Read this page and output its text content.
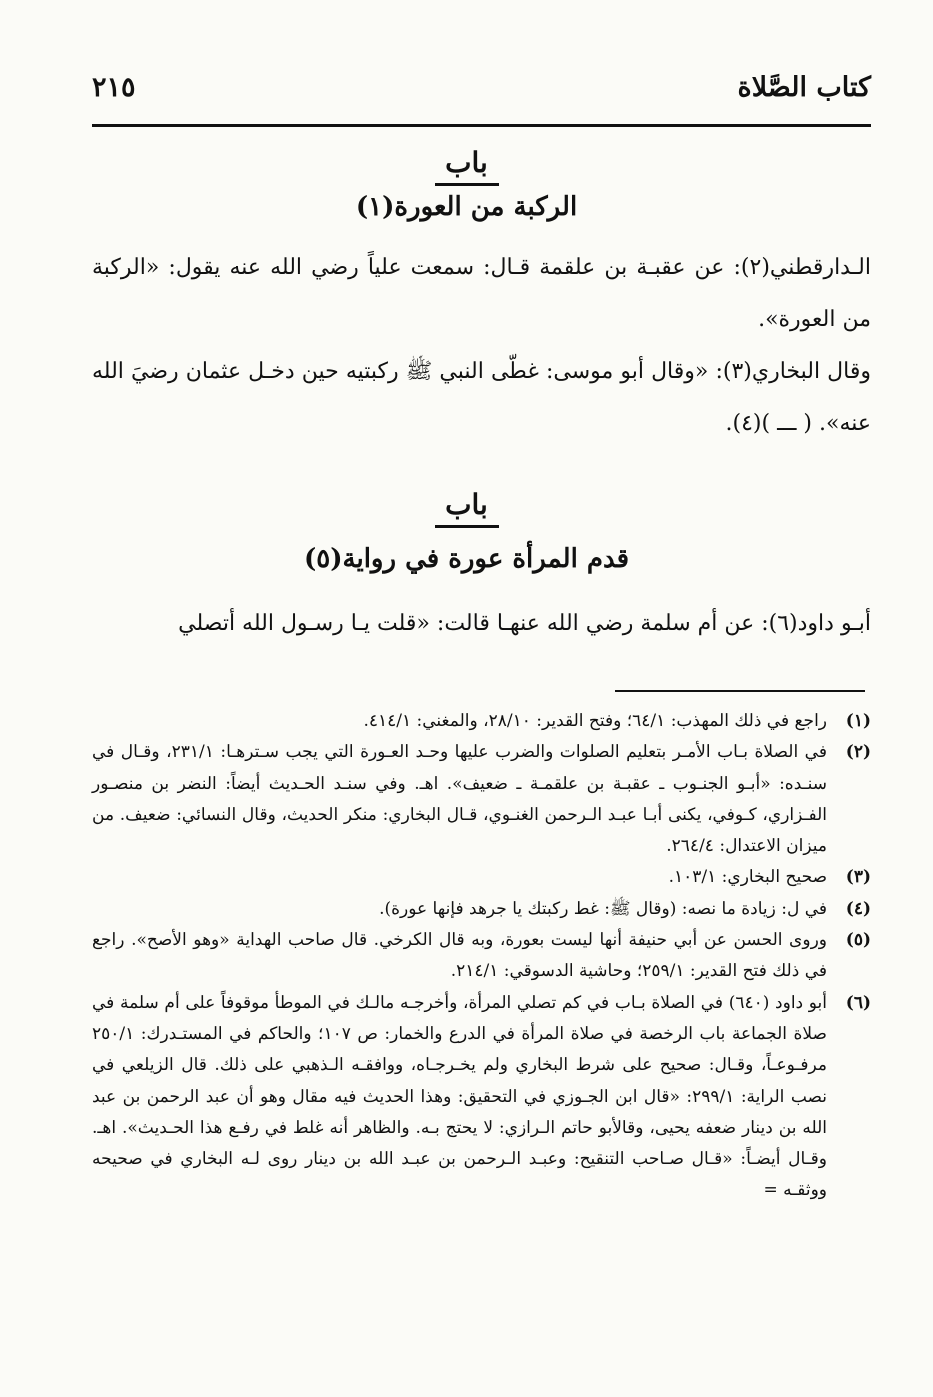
كتاب الصَّلاة
٢١٥
باب
الركبة من العورة(١)
الـدارقطني(٢): عن عقبـة بن علقمة قـال: سمعت علياً رضي الله عنه يقول: «الركبة من العورة».
وقال البخاري(٣): «وقال أبو موسى: غطّى النبي ﷺ ركبتيه حين دخـل عثمان رضيَ الله عنه». ( ـــ )(٤).
باب
قدم المرأة عورة في رواية(٥)
أبـو داود(٦): عن أم سلمة رضي الله عنهـا قالت: «قلت يـا رسـول الله أتصلي
(١)
راجع في ذلك المهذب: ٦٤/١؛ وفتح القدير: ٢٨/١٠، والمغني: ٤١٤/١.
(٢)
في الصلاة بـاب الأمـر بتعليم الصلوات والضرب عليها وحـد العـورة التي يجب سـترهـا: ٢٣١/١، وقـال في سنـده: «أبـو الجنـوب ـ عقبـة بن علقمـة ـ ضعيف». اهـ. وفي سنـد الحـديث أيضاً: النضر بن منصـور الفـزاري، كـوفي، يكنى أبـا عبـد الـرحمن الغنـوي، قـال البخاري: منكر الحديث، وقال النسائي: ضعيف. من ميزان الاعتدال: ٢٦٤/٤.
(٣)
صحيح البخاري: ١٠٣/١.
(٤)
في ل: زيادة ما نصه: (وقال ﷺ: غط ركبتك يا جرهد فإنها عورة).
(٥)
وروى الحسن عن أبي حنيفة أنها ليست بعورة، وبه قال الكرخي. قال صاحب الهداية «وهو الأصح». راجع في ذلك فتح القدير: ٢٥٩/١؛ وحاشية الدسوقي: ٢١٤/١.
(٦)
أبو داود (٦٤٠) في الصلاة بـاب في كم تصلي المرأة، وأخرجـه مالـك في الموطأ موقوفاً على أم سلمة في صلاة الجماعة باب الرخصة في صلاة المرأة في الدرع والخمار: ص ١٠٧؛ والحاكم في المستـدرك: ٢٥٠/١ مرفـوعـاً، وقـال: صحيح على شرط البخاري ولم يخـرجـاه، ووافقـه الـذهبي على ذلك. قال الزيلعي في نصب الراية: ٢٩٩/١: «قال ابن الجـوزي في التحقيق: وهذا الحديث فيه مقال وهو أن عبد الرحمن بن عبد الله بن دينار ضعفه يحيى، وقالأبو حاتم الـرازي: لا يحتج بـه. والظاهر أنه غلط في رفـع هذا الحـديث». اهـ. وقـال أيضـاً: «قـال صـاحب التنقيح: وعبـد الـرحمن بن عبـد الله بن دينار روى لـه البخاري في صحيحه ووثقـه =
